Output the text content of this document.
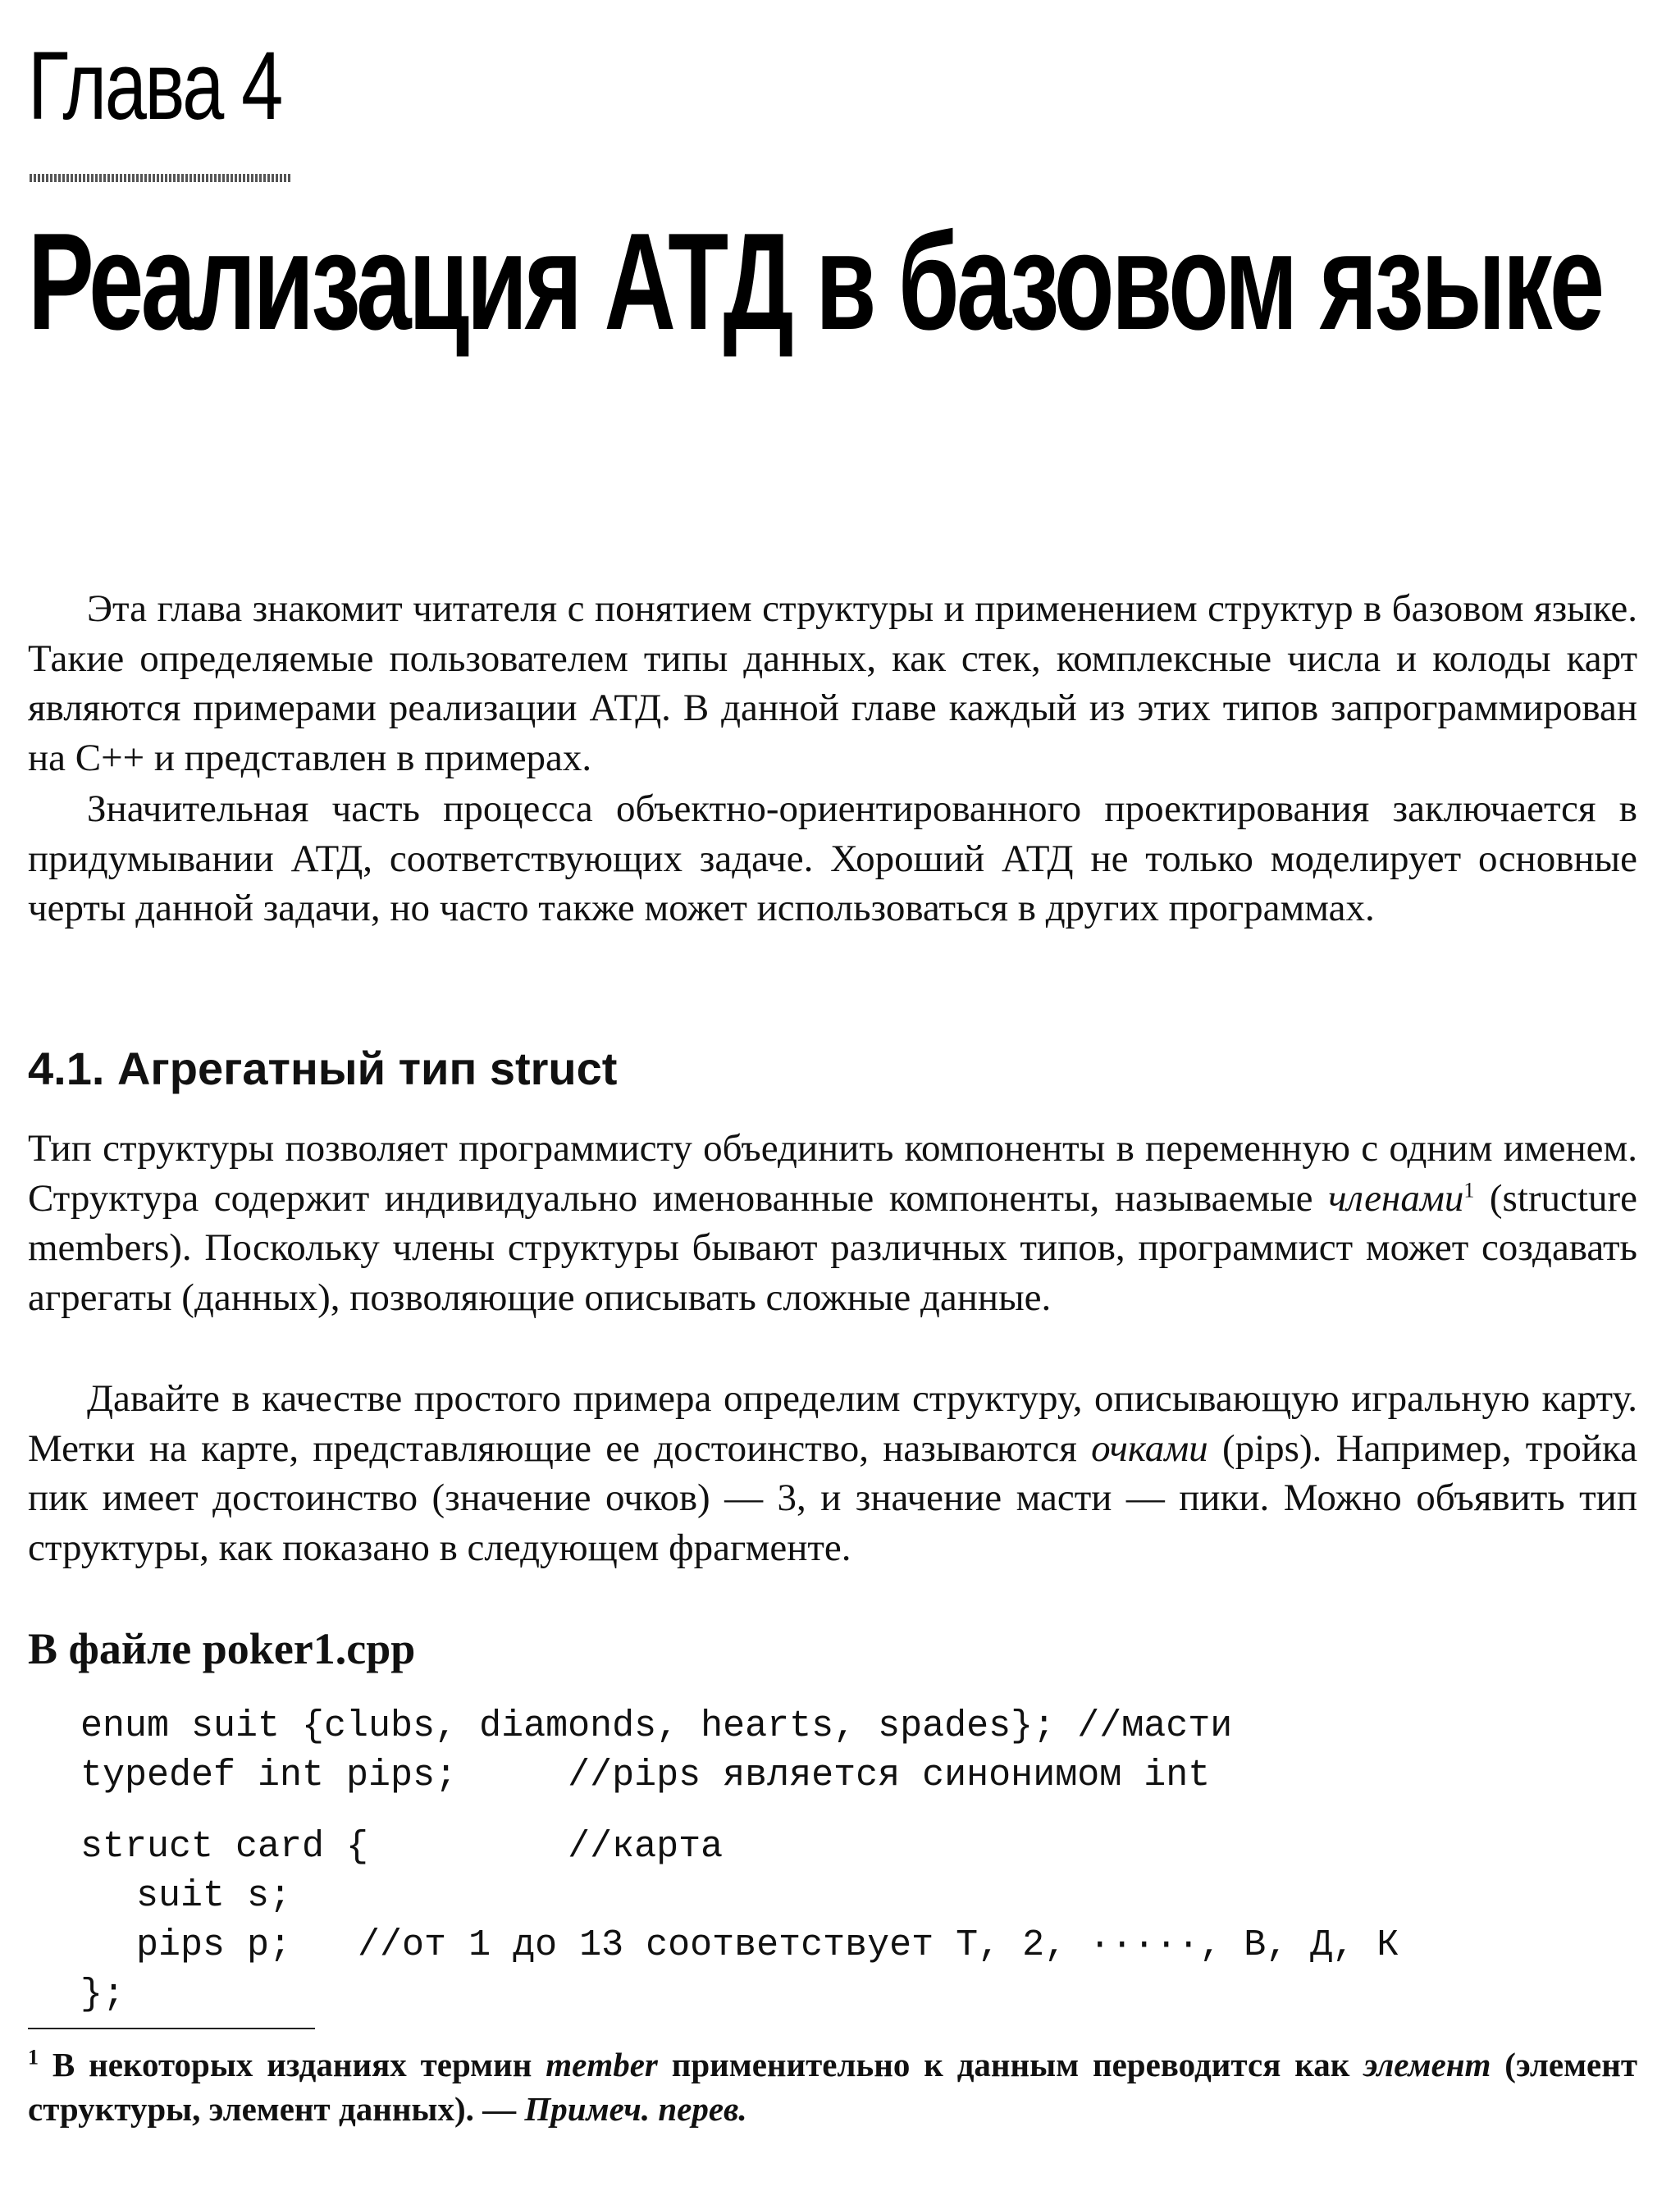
Глава 4
Реализация АТД в базовом языке

Эта глава знакомит читателя с понятием структуры и применением структур в базовом языке. Такие определяемые пользователем типы данных, как стек, комплексные числа и колоды карт являются примерами реализации АТД. В данной главе каждый из этих типов запрограммирован на C++ и представлен в примерах.

Значительная часть процесса объектно-ориентированного проектирования заключается в придумывании АТД, соответствующих задаче. Хороший АТД не только моделирует основные черты данной задачи, но часто также может использоваться в других программах.

4.1. Агрегатный тип struct

Тип структуры позволяет программисту объединить компоненты в переменную с одним именем. Структура содержит индивидуально именованные компоненты, называемые членами$^1$ (structure members). Поскольку члены структуры бывают различных типов, программист может создавать агрегаты (данных), позволяющие описывать сложные данные.

Давайте в качестве простого примера определим структуру, описывающую игральную карту. Метки на карте, представляющие ее достоинство, называются очками (pips). Например, тройка пик имеет достоинство (значение очков) — 3, и значение масти — пики. Можно объявить тип структуры, как показано в следующем фрагменте.

В файле poker1.cpp
enum suit {clubs, diamonds, hearts, spades}; //масти
typedef int pips;     //pips является синонимом int
struct card {         //карта
suit s;
pips p;   //от 1 до 13 соответствует Т, 2, ·····, В, Д, К
};

$^1$ В некоторых изданиях термин member применительно к данным переводится как элемент (элемент структуры, элемент данных). — Примеч. перев.
